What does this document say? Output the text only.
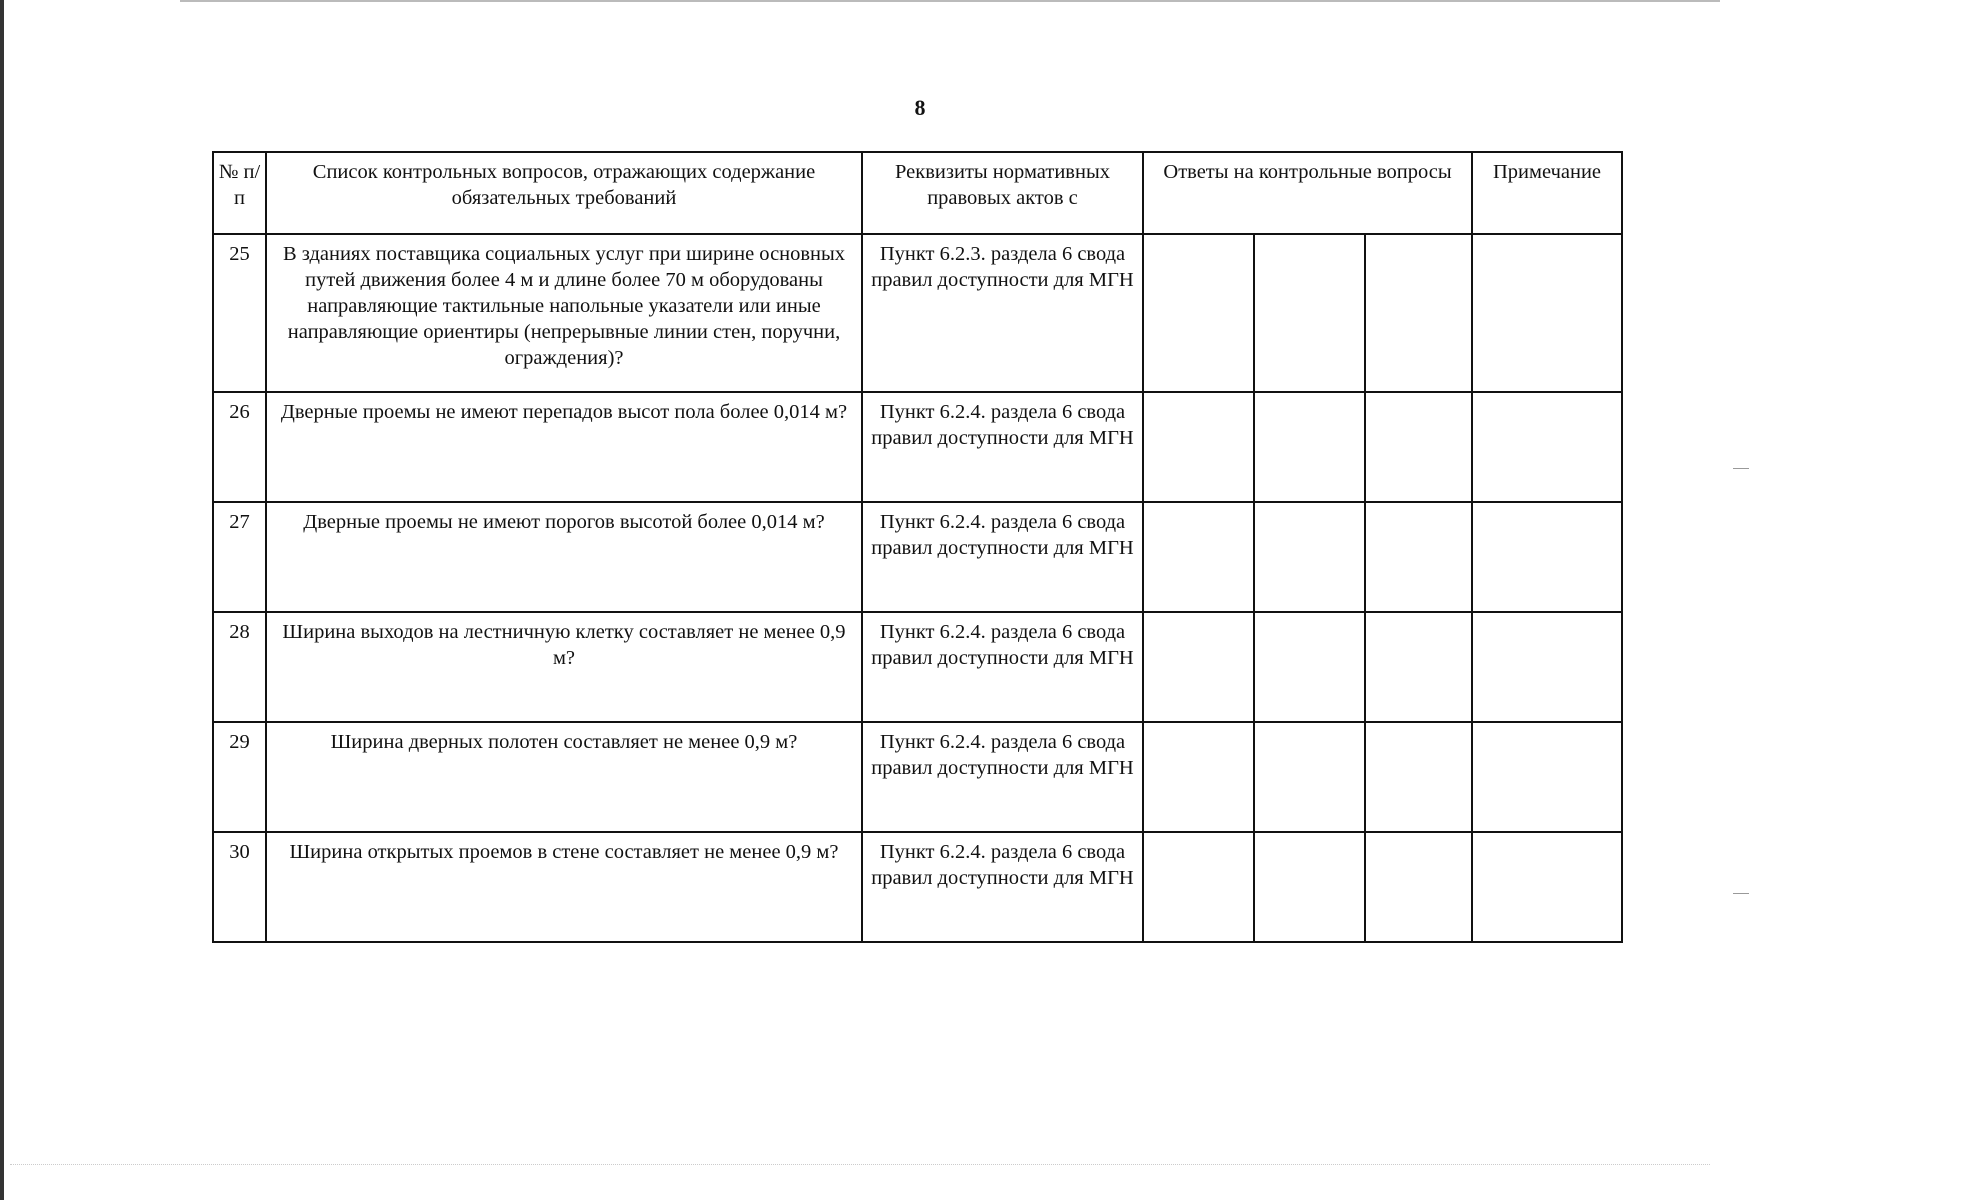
8
№ п/п	Список контрольных вопросов, отражающих содержание обязательных требований	Реквизиты нормативных правовых актов с	Ответы на контрольные вопросы			Примечание
25	В зданиях поставщика социальных услуг при ширине основных путей движения более 4 м и длине более 70 м оборудованы направляющие тактильные напольные указатели или иные направляющие ориентиры (непрерывные линии стен, поручни, ограждения)?	Пункт 6.2.3. раздела 6 свода правил доступности для МГН				
26	Дверные проемы не имеют перепадов высот пола более 0,014 м?	Пункт 6.2.4. раздела 6 свода правил доступности для МГН				
27	Дверные проемы не имеют порогов высотой более 0,014 м?	Пункт 6.2.4. раздела 6 свода правил доступности для МГН				
28	Ширина выходов на лестничную клетку составляет не менее 0,9 м?	Пункт 6.2.4. раздела 6 свода правил доступности для МГН				
29	Ширина дверных полотен составляет не менее 0,9 м?	Пункт 6.2.4. раздела 6 свода правил доступности для МГН				
30	Ширина открытых проемов в стене составляет не менее 0,9 м?	Пункт 6.2.4. раздела 6 свода правил доступности для МГН				
